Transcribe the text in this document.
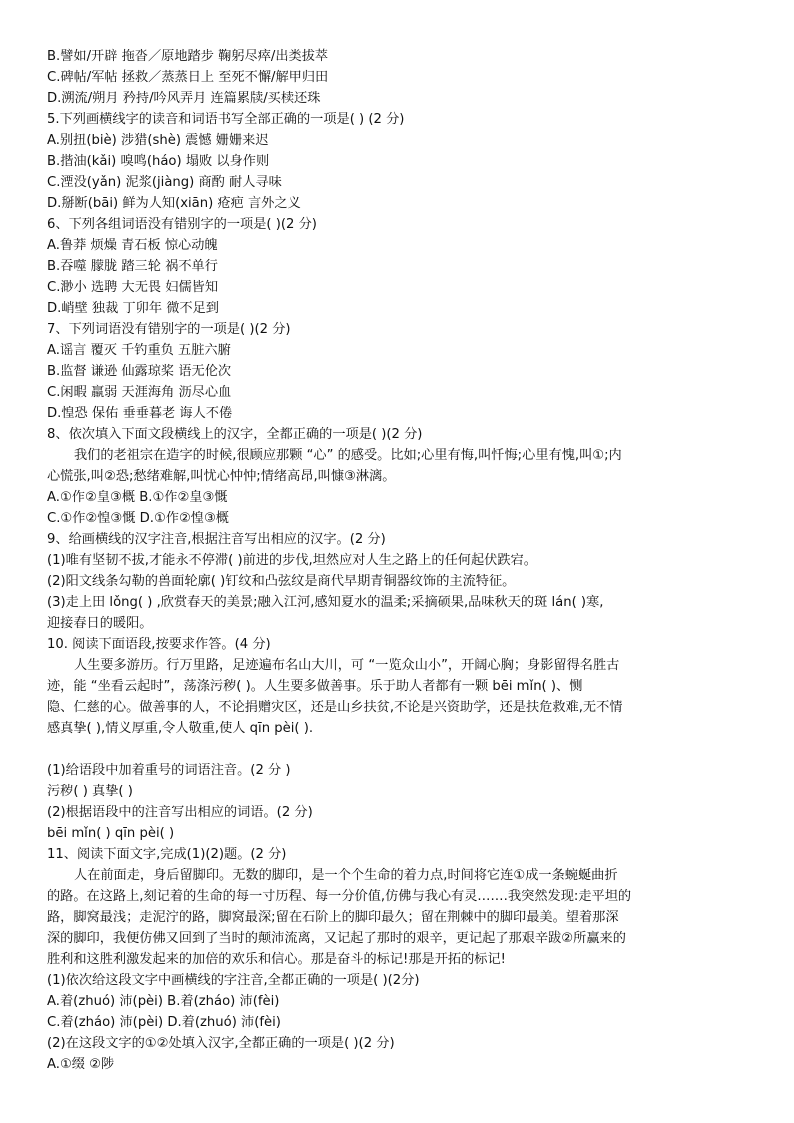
B.譬如/开辟 拖沓／原地踏步 鞠躬尽瘁/出类拔萃
C.碑帖/军帖 拯救／蒸蒸日上 至死不懈/解甲归田
D.溯流/朔月 矜持/吟风弄月 连篇累牍/买椟还珠
5.下列画横线字的读音和词语书写全部正确的一项是( ) (2 分)
A.别扭(biè) 涉猎(shè) 震憾 姗姗来迟
B.揩油(kǎi) 嗅鸣(háo) 塌败 以身作则
C.湮没(yǎn) 泥浆(jiàng) 商酌 耐人寻味
D.掰断(bāi) 鲜为人知(xiān) 疮疤 言外之义
6、下列各组词语没有错别字的一项是( )(2 分)
A.鲁莽 烦燥 青石板 惊心动魄
B.吞噬 朦胧 踏三轮 祸不单行
C.渺小 选聘 大无畏 妇儒皆知
D.峭壁 独裁 丁卯年 微不足到
7、下列词语没有错别字的一项是( )(2 分)
A.谣言 覆灭 千钓重负 五脏六腑
B.监督 谦逊 仙露琼桨 语无伦次
C.闲暇 羸弱 天涯海角 沥尽心血
D.惶恐 保佑 垂垂暮老 诲人不倦
8、依次填入下面文段横线上的汉字，全都正确的一项是( )(2 分)
我们的老祖宗在造字的时候,很顾应那颗 “心” 的感受。比如;心里有悔,叫忏悔;心里有愧,叫①;内
心慌张,叫②恐;愁绪难解,叫忧心忡忡;情绪高昂,叫慷③淋漓。
A.①作②皇③概 B.①作②皇③慨
C.①作②惶③慨 D.①作②惶③概
9、给画横线的汉字注音,根据注音写出相应的汉字。(2 分)
(1)唯有坚韧不拔,才能永不停滞( )前进的步伐,坦然应对人生之路上的任何起伏跌宕。
(2)阳文线条勾勒的兽面轮廓( )钉纹和凸弦纹是商代早期青铜器纹饰的主流特征。
(3)走上田 lǒng( ) ,欣赏春天的美景;融入江河,感知夏水的温柔;采摘硕果,品味秋天的斑 lán( )寒,
迎接春日的暖阳。
10. 阅读下面语段,按要求作答。(4 分)
人生要多游历。行万里路，足迹遍布名山大川，可 “一览众山小”，开阔心胸；身影留得名胜古
迹，能 “坐看云起时”，荡涤污秽( )。人生要多做善事。乐于助人者都有一颗 bēi mǐn( )、恻
隐、仁慈的心。做善事的人，不论捐赠灾区，还是山乡扶贫,不论是兴资助学，还是扶危救难,无不情
感真挚( ),情义厚重,令人敬重,使人 qīn pèi( ).
(1)给语段中加着重号的词语注音。(2 分 )
污秽( ) 真挚( )
(2)根据语段中的注音写出相应的词语。(2 分)
bēi mǐn( ) qīn pèi( )
11、阅读下面文字,完成(1)(2)题。(2 分)
人在前面走，身后留脚印。无数的脚印，是一个个生命的着力点,时间将它连①成一条蜿蜒曲折
的路。在这路上,刻记着的生命的每一寸历程、每一分价值,仿佛与我心有灵.……我突然发现:走平坦的
路，脚窝最浅；走泥泞的路，脚窝最深;留在石阶上的脚印最久；留在荆棘中的脚印最美。望着那深
深的脚印，我便仿佛又回到了当时的颠沛流离，又记起了那时的艰辛，更记起了那艰辛跋②所赢来的
胜利和这胜利激发起来的加倍的欢乐和信心。那是奋斗的标记!那是开拓的标记!
(1)依次给这段文字中画横线的字注音,全都正确的一项是( )(2分)
A.着(zhuó) 沛(pèi) B.着(zháo) 沛(fèi)
C.着(zháo) 沛(pèi) D.着(zhuó) 沛(fèi)
(2)在这段文字的①②处填入汉字,全都正确的一项是( )(2 分)
A.①缀 ②陟
